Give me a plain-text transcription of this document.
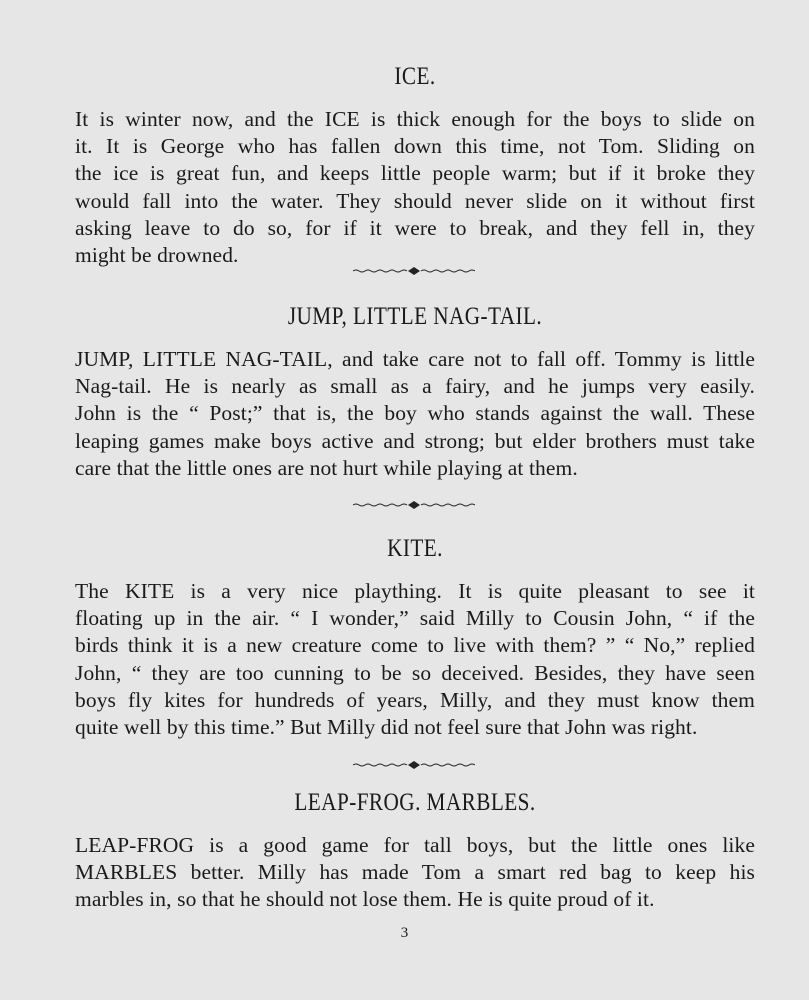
ICE.
It is winter now, and the ICE is thick enough for the boys to slide on
it. It is George who has fallen down this time, not Tom. Sliding on
the ice is great fun, and keeps little people warm; but if it broke they
would fall into the water. They should never slide on it without first
asking leave to do so, for if it were to break, and they fell in, they
might be drowned.
JUMP, LITTLE NAG-TAIL.
JUMP, LITTLE NAG-TAIL, and take care not to fall off. Tommy is little
Nag-tail. He is nearly as small as a fairy, and he jumps very easily.
John is the “ Post;” that is, the boy who stands against the wall. These
leaping games make boys active and strong; but elder brothers must take
care that the little ones are not hurt while playing at them.
KITE.
The KITE is a very nice plaything. It is quite pleasant to see it
floating up in the air. “ I wonder,” said Milly to Cousin John, “ if the
birds think it is a new creature come to live with them? ” “ No,” replied
John, “ they are too cunning to be so deceived. Besides, they have seen
boys fly kites for hundreds of years, Milly, and they must know them
quite well by this time.” But Milly did not feel sure that John was right.
LEAP-FROG. MARBLES.
LEAP-FROG is a good game for tall boys, but the little ones like
MARBLES better. Milly has made Tom a smart red bag to keep his
marbles in, so that he should not lose them. He is quite proud of it.
3
